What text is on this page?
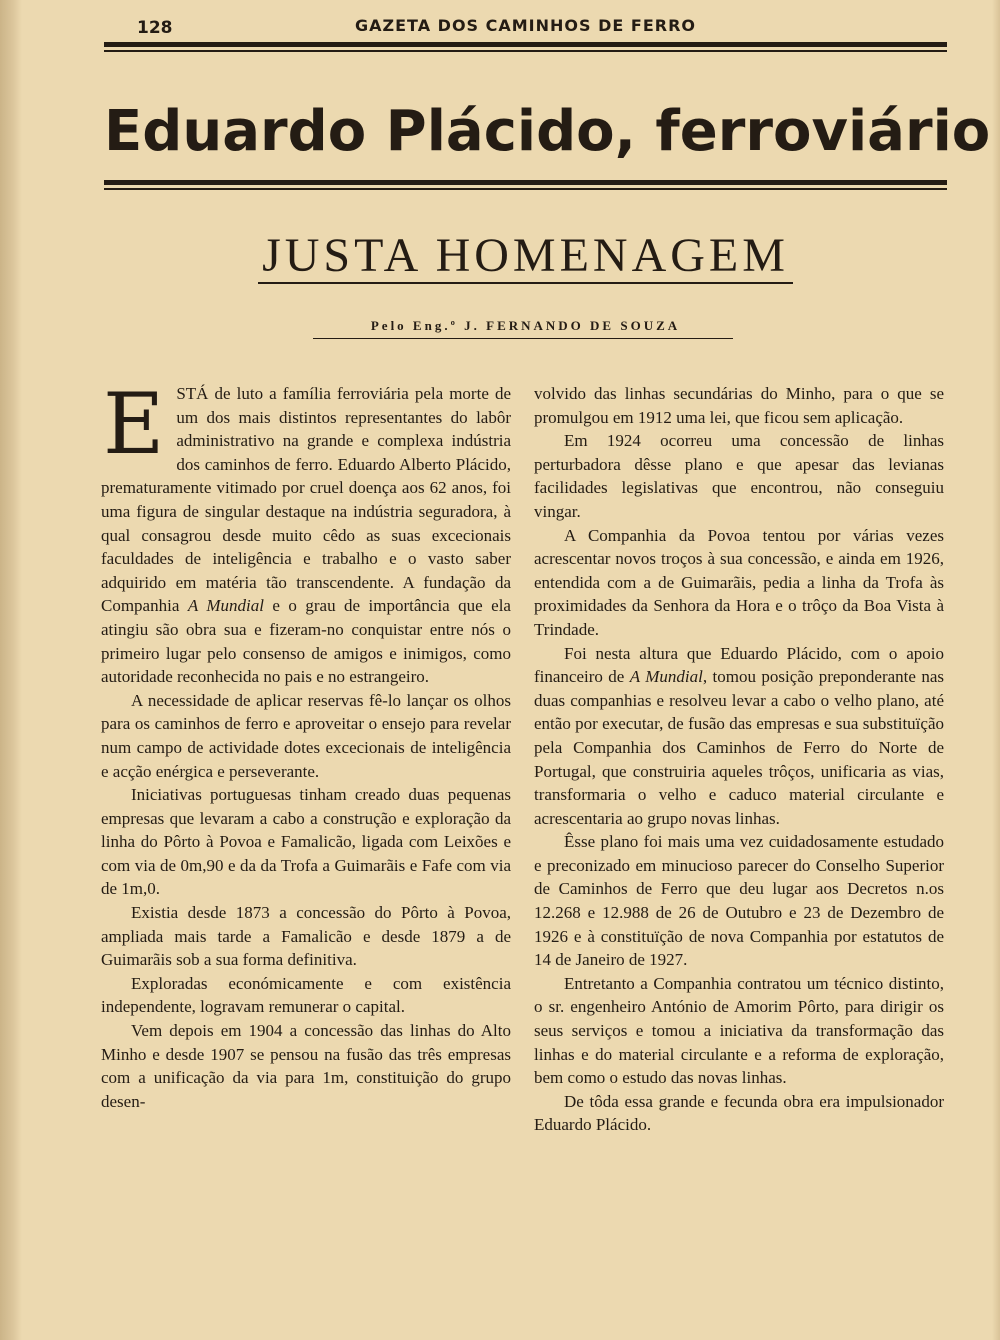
128	GAZETA DOS CAMINHOS DE FERRO
Eduardo Plácido, ferroviário
JUSTA HOMENAGEM
Pelo Eng.º J. FERNANDO DE SOUZA

ESTÁ de luto a família ferroviária pela morte de um dos mais distintos representantes do labôr administrativo na grande e complexa indústria dos caminhos de ferro. Eduardo Alberto Plácido, prematuramente vitimado por cruel doença aos 62 anos, foi uma figura de singular destaque na indústria seguradora, à qual consagrou desde muito cêdo as suas excecionais faculdades de inteligência e trabalho e o vasto saber adquirido em matéria tão transcendente. A fundação da Companhia A Mundial e o grau de importância que ela atingiu são obra sua e fizeram-no conquistar entre nós o primeiro lugar pelo consenso de amigos e inimigos, como autoridade reconhecida no pais e no estrangeiro.

A necessidade de aplicar reservas fê-lo lançar os olhos para os caminhos de ferro e aproveitar o ensejo para revelar num campo de actividade dotes excecionais de inteligência e acção enérgica e perseverante.

Iniciativas portuguesas tinham creado duas pequenas empresas que levaram a cabo a construção e exploração da linha do Pôrto à Povoa e Famalicão, ligada com Leixões e com via de 0m,90 e da da Trofa a Guimarãis e Fafe com via de 1m,0.

Existia desde 1873 a concessão do Pôrto à Povoa, ampliada mais tarde a Famalicão e desde 1879 a de Guimarãis sob a sua forma definitiva.

Exploradas económicamente e com existência independente, logravam remunerar o capital.

Vem depois em 1904 a concessão das linhas do Alto Minho e desde 1907 se pensou na fusão das três empresas com a unificação da via para 1m, constituição do grupo desen-

volvido das linhas secundárias do Minho, para o que se promulgou em 1912 uma lei, que ficou sem aplicação.

Em 1924 ocorreu uma concessão de linhas perturbadora dêsse plano e que apesar das levianas facilidades legislativas que encontrou, não conseguiu vingar.

A Companhia da Povoa tentou por várias vezes acrescentar novos troços à sua concessão, e ainda em 1926, entendida com a de Guimarãis, pedia a linha da Trofa às proximidades da Senhora da Hora e o trôço da Boa Vista à Trindade.

Foi nesta altura que Eduardo Plácido, com o apoio financeiro de A Mundial, tomou posição preponderante nas duas companhias e resolveu levar a cabo o velho plano, até então por executar, de fusão das empresas e sua substituïção pela Companhia dos Caminhos de Ferro do Norte de Portugal, que construiria aqueles trôços, unificaria as vias, transformaria o velho e caduco material circulante e acrescentaria ao grupo novas linhas.

Êsse plano foi mais uma vez cuidadosamente estudado e preconizado em minucioso parecer do Conselho Superior de Caminhos de Ferro que deu lugar aos Decretos n.os 12.268 e 12.988 de 26 de Outubro e 23 de Dezembro de 1926 e à constituïção de nova Companhia por estatutos de 14 de Janeiro de 1927.

Entretanto a Companhia contratou um técnico distinto, o sr. engenheiro António de Amorim Pôrto, para dirigir os seus serviços e tomou a iniciativa da transformação das linhas e do material circulante e a reforma de exploração, bem como o estudo das novas linhas.

De tôda essa grande e fecunda obra era impulsionador Eduardo Plácido.
